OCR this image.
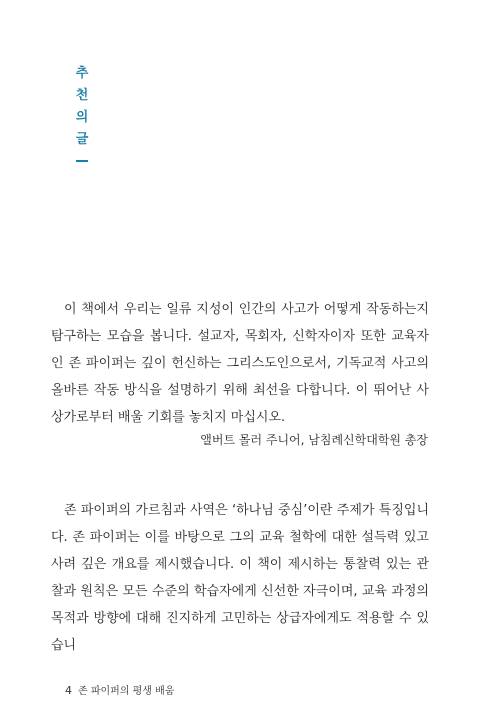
추
천
의
글

이 책에서 우리는 일류 지성이 인간의 사고가 어떻게 작동하는지 탐구하는 모습을 봅니다. 설교자, 목회자, 신학자이자 또한 교육자인 존 파이퍼는 깊이 헌신하는 그리스도인으로서, 기독교적 사고의 올바른 작동 방식을 설명하기 위해 최선을 다합니다. 이 뛰어난 사상가로부터 배울 기회를 놓치지 마십시오.

앨버트 몰러 주니어, 남침례신학대학원 총장

존 파이퍼의 가르침과 사역은 ‘하나님 중심’이란 주제가 특징입니다. 존 파이퍼는 이를 바탕으로 그의 교육 철학에 대한 설득력 있고 사려 깊은 개요를 제시했습니다. 이 책이 제시하는 통찰력 있는 관찰과 원칙은 모든 수준의 학습자에게 신선한 자극이며, 교육 과정의 목적과 방향에 대해 진지하게 고민하는 상급자에게도 적용할 수 있습니

4 존 파이퍼의 평생 배움
